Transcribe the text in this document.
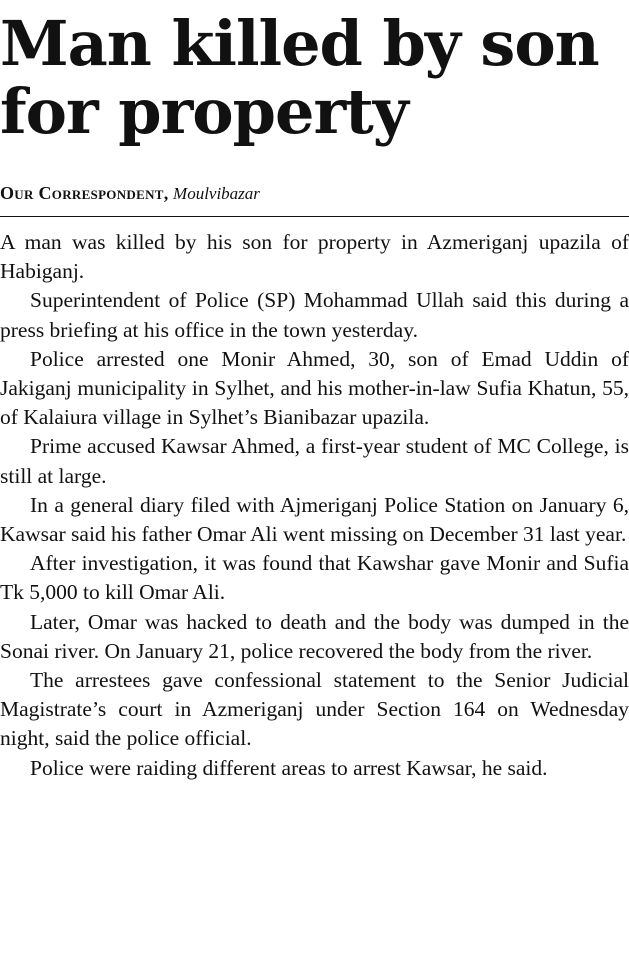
Man killed by son
for property
Our Correspondent, Moulvibazar

A man was killed by his son for property in Azmeriganj upazila of Habiganj.

Superintendent of Police (SP) Mohammad Ullah said this during a press briefing at his office in the town yesterday.

Police arrested one Monir Ahmed, 30, son of Emad Uddin of Jakiganj municipality in Sylhet, and his mother-in-law Sufia Khatun, 55, of Kalaiura village in Sylhet’s Bianibazar upazila.

Prime accused Kawsar Ahmed, a first-year student of MC College, is still at large.

In a general diary filed with Ajmeriganj Police Station on January 6, Kawsar said his father Omar Ali went missing on December 31 last year.

After investigation, it was found that Kawshar gave Monir and Sufia Tk 5,000 to kill Omar Ali.

Later, Omar was hacked to death and the body was dumped in the Sonai river. On January 21, police recovered the body from the river.

The arrestees gave confessional statement to the Senior Judicial Magistrate’s court in Azmeriganj under Section 164 on Wednesday night, said the police official.

Police were raiding different areas to arrest Kawsar, he said.
